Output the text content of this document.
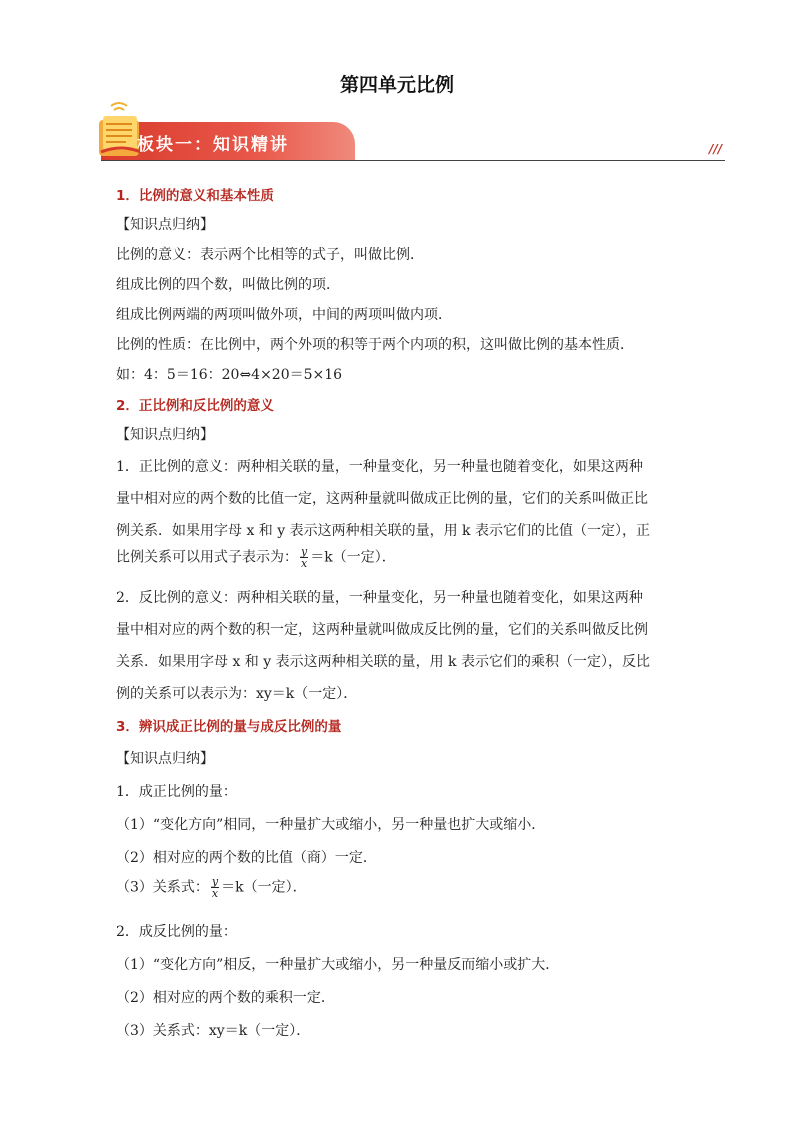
第四单元比例
板块一：知识精讲	///

1．比例的意义和基本性质

【知识点归纳】

比例的意义：表示两个比相等的式子，叫做比例．

组成比例的四个数，叫做比例的项．

组成比例两端的两项叫做外项，中间的两项叫做内项．

比例的性质：在比例中，两个外项的积等于两个内项的积，这叫做比例的基本性质．

如：4：5＝16：20⇔4×20＝5×16

2．正比例和反比例的意义

【知识点归纳】

1．正比例的意义：两种相关联的量，一种量变化，另一种量也随着变化，如果这两种

量中相对应的两个数的比值一定，这两种量就叫做成正比例的量，它们的关系叫做正比

例关系．如果用字母 x 和 y 表示这两种相关联的量，用 k 表示它们的比值（一定），正

比例关系可以用式子表示为： $\frac{y}{x} =k$（一定）．

2．反比例的意义：两种相关联的量，一种量变化，另一种量也随着变化，如果这两种

量中相对应的两个数的积一定，这两种量就叫做成反比例的量，它们的关系叫做反比例

关系．如果用字母 x 和 y 表示这两种相关联的量，用 k 表示它们的乘积（一定），反比

例的关系可以表示为：xy＝k（一定）．

3．辨识成正比例的量与成反比例的量

【知识点归纳】

1．成正比例的量：

（1）“变化方向”相同，一种量扩大或缩小，另一种量也扩大或缩小．

（2）相对应的两个数的比值（商）一定．

（3）关系式： $\frac{y}{x} =k$（一定）．

2．成反比例的量：

（1）“变化方向”相反，一种量扩大或缩小，另一种量反而缩小或扩大．

（2）相对应的两个数的乘积一定．

（3）关系式：xy＝k（一定）．
